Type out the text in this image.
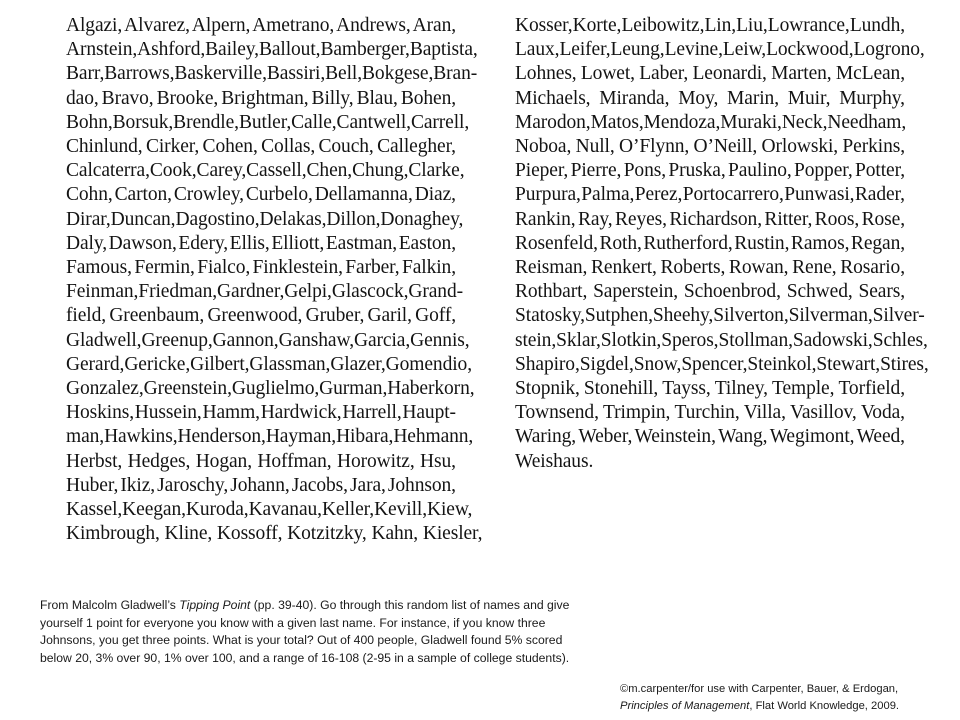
Algazi, Alvarez, Alpern, Ametrano, Andrews, Aran,
Arnstein, Ashford, Bailey, Ballout, Bamberger, Baptista,
Barr, Barrows, Baskerville, Bassiri, Bell, Bokgese, Bran-
dao, Bravo, Brooke, Brightman, Billy, Blau, Bohen,
Bohn, Borsuk, Brendle, Butler, Calle, Cantwell, Carrell,
Chinlund, Cirker, Cohen, Collas, Couch, Callegher,
Calcaterra, Cook, Carey, Cassell, Chen, Chung, Clarke,
Cohn, Carton, Crowley, Curbelo, Dellamanna, Diaz,
Dirar, Duncan, Dagostino, Delakas, Dillon, Donaghey,
Daly, Dawson, Edery, Ellis, Elliott, Eastman, Easton,
Famous, Fermin, Fialco, Finklestein, Farber, Falkin,
Feinman, Friedman, Gardner, Gelpi, Glascock, Grand-
field, Greenbaum, Greenwood, Gruber, Garil, Goff,
Gladwell, Greenup, Gannon, Ganshaw, Garcia, Gennis,
Gerard, Gericke, Gilbert, Glassman, Glazer, Gomendio,
Gonzalez, Greenstein, Guglielmo, Gurman, Haberkorn,
Hoskins, Hussein, Hamm, Hardwick, Harrell, Haupt-
man, Hawkins, Henderson, Hayman, Hibara, Hehmann,
Herbst, Hedges, Hogan, Hoffman, Horowitz, Hsu,
Huber, Ikiz, Jaroschy, Johann, Jacobs, Jara, Johnson,
Kassel, Keegan, Kuroda, Kavanau, Keller, Kevill, Kiew,
Kimbrough, Kline, Kossoff, Kotzitzky, Kahn, Kiesler,
Kosser, Korte, Leibowitz, Lin, Liu, Lowrance, Lundh,
Laux, Leifer, Leung, Levine, Leiw, Lockwood, Logrono,
Lohnes, Lowet, Laber, Leonardi, Marten, McLean,
Michaels, Miranda, Moy, Marin, Muir, Murphy,
Marodon, Matos, Mendoza, Muraki, Neck, Needham,
Noboa, Null, O’Flynn, O’Neill, Orlowski, Perkins,
Pieper, Pierre, Pons, Pruska, Paulino, Popper, Potter,
Purpura, Palma, Perez, Portocarrero, Punwasi, Rader,
Rankin, Ray, Reyes, Richardson, Ritter, Roos, Rose,
Rosenfeld, Roth, Rutherford, Rustin, Ramos, Regan,
Reisman, Renkert, Roberts, Rowan, Rene, Rosario,
Rothbart, Saperstein, Schoenbrod, Schwed, Sears,
Statosky, Sutphen, Sheehy, Silverton, Silverman, Silver-
stein, Sklar, Slotkin, Speros, Stollman, Sadowski, Schles,
Shapiro, Sigdel, Snow, Spencer, Steinkol, Stewart, Stires,
Stopnik, Stonehill, Tayss, Tilney, Temple, Torfield,
Townsend, Trimpin, Turchin, Villa, Vasillov, Voda,
Waring, Weber, Weinstein, Wang, Wegimont, Weed,
Weishaus.
From Malcolm Gladwell’s Tipping Point (pp. 39-40). Go through this random list of names and give
yourself 1 point for everyone you know with a given last name. For instance, if you know three
Johnsons, you get three points. What is your total? Out of 400 people, Gladwell found 5% scored
below 20, 3% over 90, 1% over 100, and a range of 16-108 (2-95 in a sample of college students).
©m.carpenter/for use with Carpenter, Bauer, & Erdogan,
Principles of Management, Flat World Knowledge, 2009.
